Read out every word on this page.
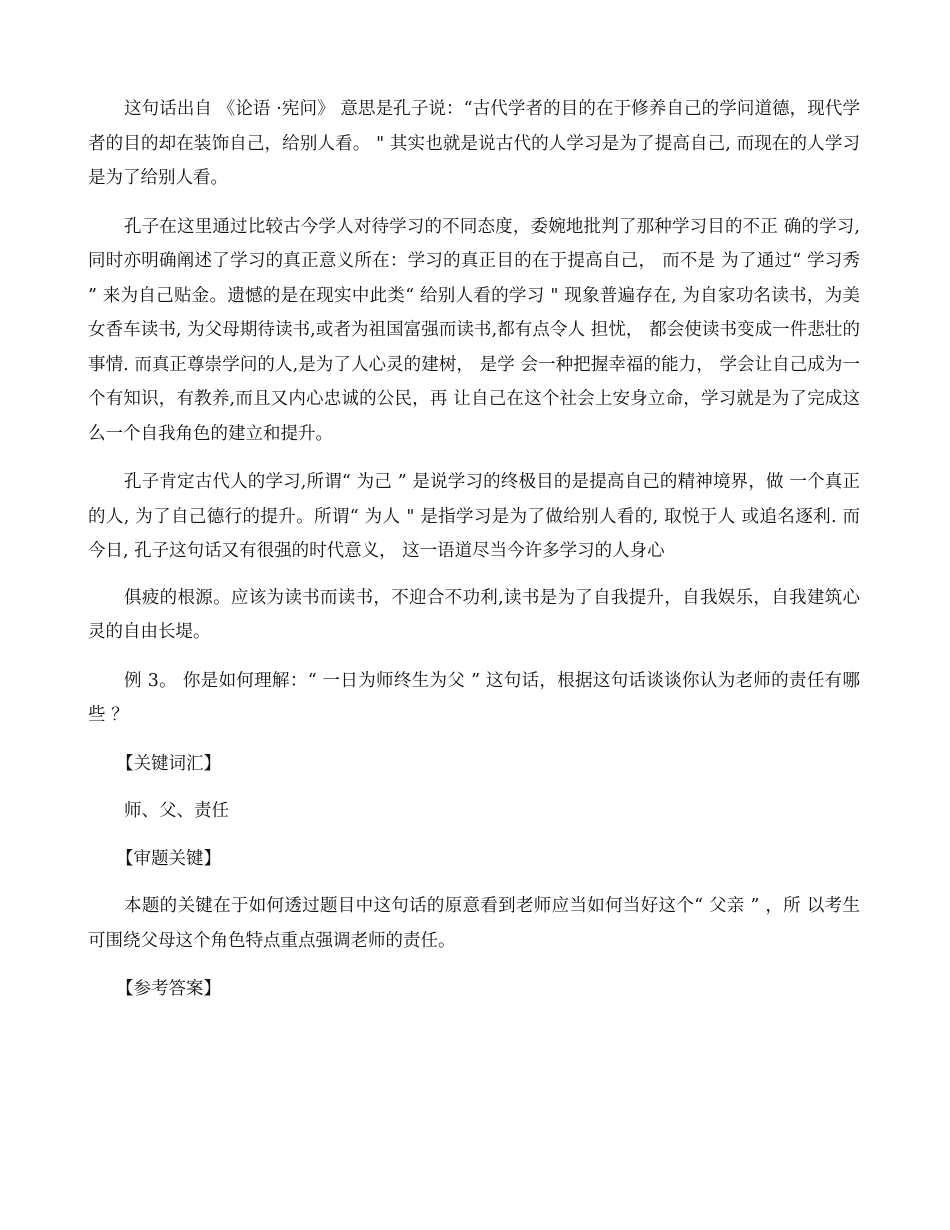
这句话出自 《论语 ·宪问》 意思是孔子说：“古代学者的目的在于修养自己的学问道德，现代学者的目的却在装饰自己，给别人看。 " 其实也就是说古代的人学习是为了提高自己, 而现在的人学习是为了给别人看。

孔子在这里通过比较古今学人对待学习的不同态度，委婉地批判了那种学习目的不正 确的学习, 同时亦明确阐述了学习的真正意义所在：学习的真正目的在于提高自己， 而不是 为了通过“ 学习秀 ” 来为自己贴金。遗憾的是在现实中此类“ 给别人看的学习 " 现象普遍存在, 为自家功名读书，为美女香车读书, 为父母期待读书,或者为祖国富强而读书,都有点令人 担忧， 都会使读书变成一件悲壮的事情. 而真正尊崇学问的人,是为了人心灵的建树， 是学 会一种把握幸福的能力， 学会让自己成为一个有知识，有教养,而且又内心忠诚的公民，再 让自己在这个社会上安身立命，学习就是为了完成这么一个自我角色的建立和提升。

孔子肯定古代人的学习,所谓“ 为己 ” 是说学习的终极目的是提高自己的精神境界，做 一个真正的人, 为了自己德行的提升。所谓“ 为人 " 是指学习是为了做给别人看的, 取悦于人 或追名逐利. 而今日, 孔子这句话又有很强的时代意义， 这一语道尽当今许多学习的人身心

俱疲的根源。应该为读书而读书，不迎合不功利,读书是为了自我提升，自我娱乐，自我建筑心灵的自由长堤。

例 3。 你是如何理解：“ 一日为师终生为父 ” 这句话，根据这句话谈谈你认为老师的责任有哪些 ？

【关键词汇】

师、父、责任

【审题关键】

本题的关键在于如何透过题目中这句话的原意看到老师应当如何当好这个“ 父亲 ” ，所 以考生可围绕父母这个角色特点重点强调老师的责任。

【参考答案】
